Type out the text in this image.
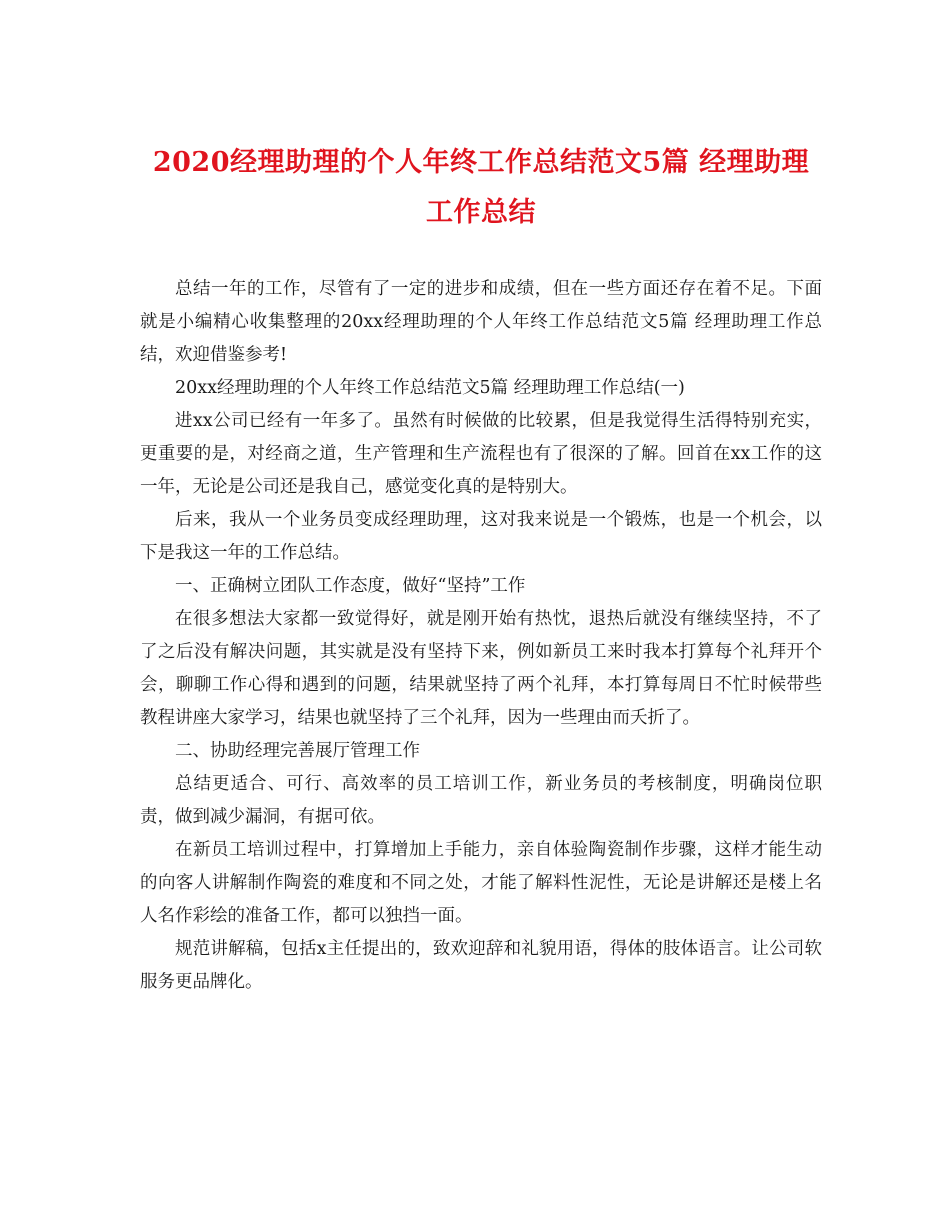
2020经理助理的个人年终工作总结范文5篇 经理助理
工作总结

总结一年的工作，尽管有了一定的进步和成绩，但在一些方面还存在着不足。下面就是小编精心收集整理的20xx经理助理的个人年终工作总结范文5篇 经理助理工作总结，欢迎借鉴参考!

20xx经理助理的个人年终工作总结范文5篇 经理助理工作总结(一)

进xx公司已经有一年多了。虽然有时候做的比较累，但是我觉得生活得特别充实，更重要的是，对经商之道，生产管理和生产流程也有了很深的了解。回首在xx工作的这一年，无论是公司还是我自己，感觉变化真的是特别大。

后来，我从一个业务员变成经理助理，这对我来说是一个锻炼，也是一个机会，以下是我这一年的工作总结。

一、正确树立团队工作态度，做好“坚持”工作

在很多想法大家都一致觉得好，就是刚开始有热忱，退热后就没有继续坚持，不了了之后没有解决问题，其实就是没有坚持下来，例如新员工来时我本打算每个礼拜开个会，聊聊工作心得和遇到的问题，结果就坚持了两个礼拜，本打算每周日不忙时候带些教程讲座大家学习，结果也就坚持了三个礼拜，因为一些理由而夭折了。

二、协助经理完善展厅管理工作

总结更适合、可行、高效率的员工培训工作，新业务员的考核制度，明确岗位职责，做到减少漏洞，有据可依。

在新员工培训过程中，打算增加上手能力，亲自体验陶瓷制作步骤，这样才能生动的向客人讲解制作陶瓷的难度和不同之处，才能了解料性泥性，无论是讲解还是楼上名人名作彩绘的准备工作，都可以独挡一面。

规范讲解稿，包括x主任提出的，致欢迎辞和礼貌用语，得体的肢体语言。让公司软服务更品牌化。
